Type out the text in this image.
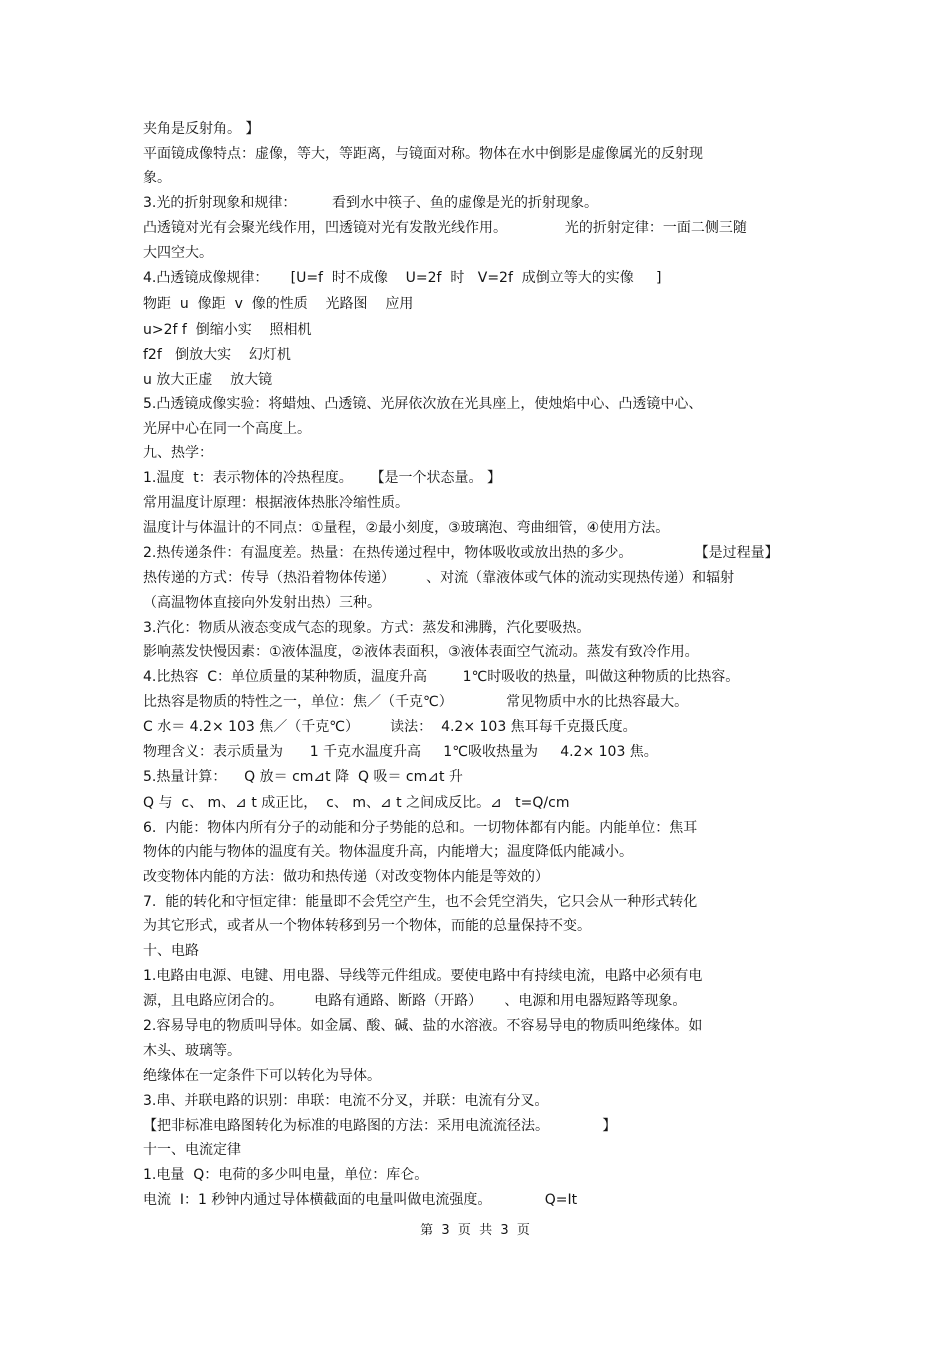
夹角是反射角。 】
平面镜成像特点：虚像，等大，等距离，与镜面对称。物体在水中倒影是虚像属光的反射现
象。
3.光的折射现象和规律：        看到水中筷子、鱼的虚像是光的折射现象。
凸透镜对光有会聚光线作用，凹透镜对光有发散光线作用。             光的折射定律：一面二侧三随
大四空大。
4.凸透镜成像规律：     [U=f  时不成像    U=2f  时   V=2f  成倒立等大的实像     ]
物距  u  像距  v  像的性质    光路图    应用
u>2f f  倒缩小实    照相机
f2f   倒放大实    幻灯机
u 放大正虚    放大镜
5.凸透镜成像实验：将蜡烛、凸透镜、光屏依次放在光具座上，使烛焰中心、凸透镜中心、
光屏中心在同一个高度上。
九、热学：
1.温度  t：表示物体的冷热程度。    【是一个状态量。 】
常用温度计原理：根据液体热胀冷缩性质。
温度计与体温计的不同点：①量程，②最小刻度，③玻璃泡、弯曲细管，④使用方法。
2.热传递条件：有温度差。热量：在热传递过程中，物体吸收或放出热的多少。              【是过程量】
热传递的方式：传导（热沿着物体传递）       、对流（靠液体或气体的流动实现热传递）和辐射
（高温物体直接向外发射出热）三种。
3.汽化：物质从液态变成气态的现象。方式：蒸发和沸腾，汽化要吸热。
影响蒸发快慢因素：①液体温度，②液体表面积，③液体表面空气流动。蒸发有致冷作用。
4.比热容  C：单位质量的某种物质，温度升高        1℃时吸收的热量，叫做这种物质的比热容。
比热容是物质的特性之一，单位：焦／（千克℃）            常见物质中水的比热容最大。
C 水＝ 4.2× 103 焦／（千克℃）       读法：  4.2× 103 焦耳每千克摄氏度。
物理含义：表示质量为      1 千克水温度升高     1℃吸收热量为     4.2× 103 焦。
5.热量计算：    Q 放＝ cm⊿t 降  Q 吸＝ cm⊿t 升
Q 与  c、 m、⊿ t 成正比，  c、 m、⊿ t 之间成反比。⊿   t=Q/cm
6.  内能：物体内所有分子的动能和分子势能的总和。一切物体都有内能。内能单位：焦耳
物体的内能与物体的温度有关。物体温度升高，内能增大；温度降低内能减小。
改变物体内能的方法：做功和热传递（对改变物体内能是等效的）
7.  能的转化和守恒定律：能量即不会凭空产生，也不会凭空消失，它只会从一种形式转化
为其它形式，或者从一个物体转移到另一个物体，而能的总量保持不变。
十、电路
1.电路由电源、电键、用电器、导线等元件组成。要使电路中有持续电流，电路中必须有电
源，且电路应闭合的。       电路有通路、断路（开路）     、电源和用电器短路等现象。
2.容易导电的物质叫导体。如金属、酸、碱、盐的水溶液。不容易导电的物质叫绝缘体。如
木头、玻璃等。
绝缘体在一定条件下可以转化为导体。
3.串、并联电路的识别：串联：电流不分叉，并联：电流有分叉。
【把非标准电路图转化为标准的电路图的方法：采用电流流径法。            】
十一、电流定律
1.电量  Q：电荷的多少叫电量，单位：库仑。
电流  I：1 秒钟内通过导体横截面的电量叫做电流强度。            Q=It
第  3  页  共  3  页
